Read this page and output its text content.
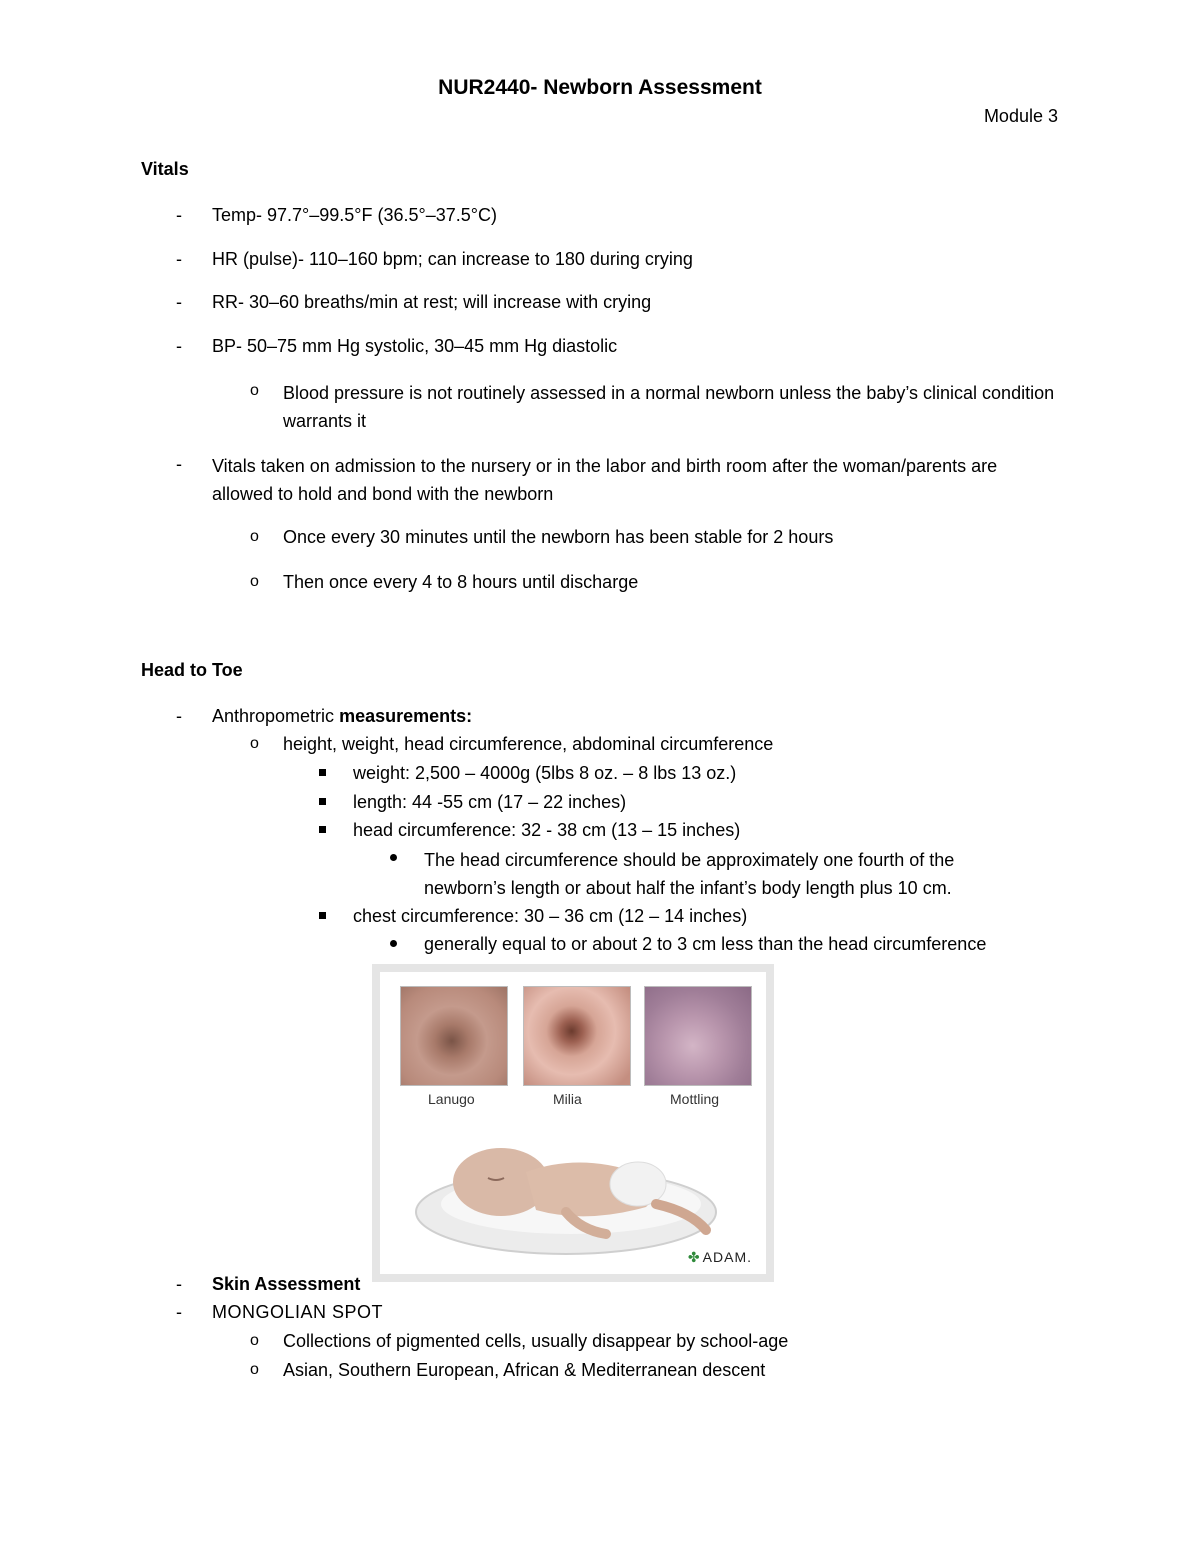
NUR2440- Newborn Assessment
Module 3
Vitals
- Temp- 97.7°–99.5°F (36.5°–37.5°C)
- HR (pulse)- 110–160 bpm; can increase to 180 during crying
- RR- 30–60 breaths/min at rest; will increase with crying
- BP- 50–75 mm Hg systolic, 30–45 mm Hg diastolic
o Blood pressure is not routinely assessed in a normal newborn unless the baby’s clinical condition warrants it
- Vitals taken on admission to the nursery or in the labor and birth room after the woman/parents are allowed to hold and bond with the newborn
o Once every 30 minutes until the newborn has been stable for 2 hours
o Then once every 4 to 8 hours until discharge
Head to Toe
- Anthropometric measurements:
o height, weight, head circumference, abdominal circumference
weight: 2,500 – 4000g (5lbs 8 oz. – 8 lbs 13 oz.)
length: 44 -55 cm (17 – 22 inches)
head circumference: 32 - 38 cm (13 – 15 inches)
The head circumference should be approximately one fourth of the newborn’s length or about half the infant’s body length plus 10 cm.
chest circumference: 30 – 36 cm (12 – 14 inches)
generally equal to or about 2 to 3 cm less than the head circumference
Lanugo	Milia	Mottling
✤ ADAM.
- Skin Assessment
- MONGOLIAN SPOT
o Collections of pigmented cells, usually disappear by school-age
o Asian, Southern European, African & Mediterranean descent
